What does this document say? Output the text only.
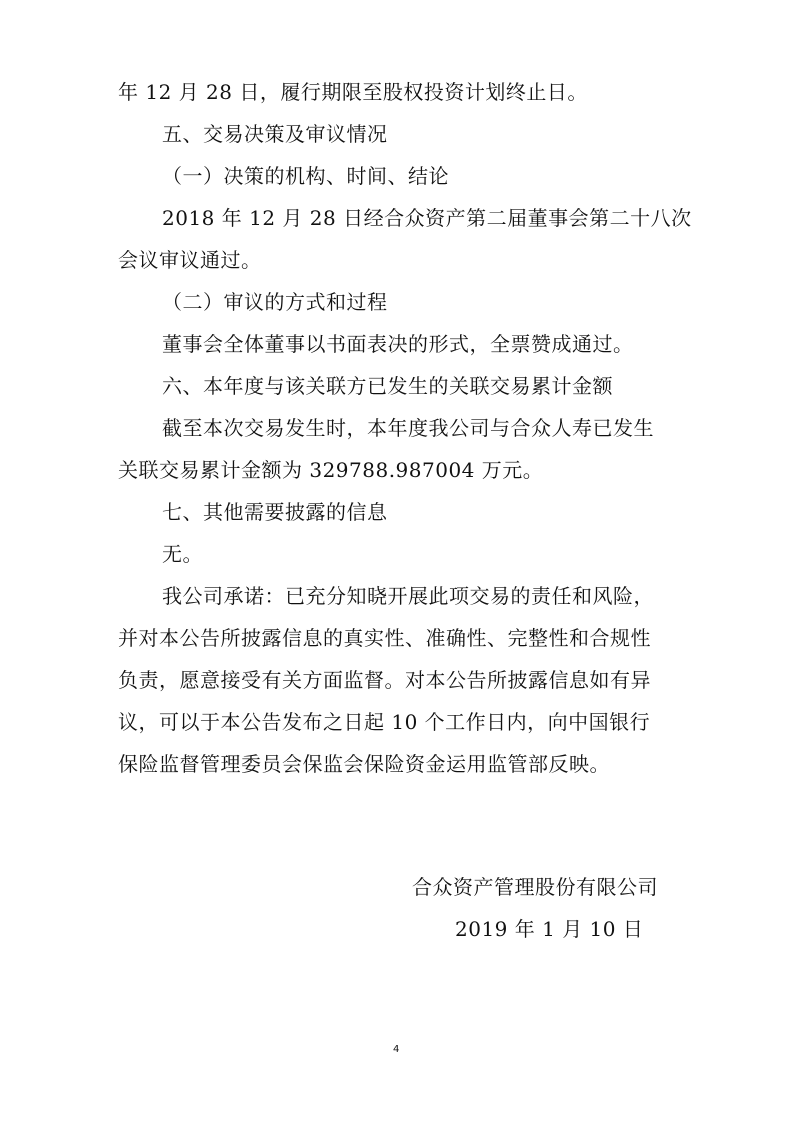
年 12 月 28 日，履行期限至股权投资计划终止日。
五、交易决策及审议情况
（一）决策的机构、时间、结论
2018 年 12 月 28 日经合众资产第二届董事会第二十八次
会议审议通过。
（二）审议的方式和过程
董事会全体董事以书面表决的形式，全票赞成通过。
六、本年度与该关联方已发生的关联交易累计金额
截至本次交易发生时，本年度我公司与合众人寿已发生
关联交易累计金额为 329788.987004 万元。
七、其他需要披露的信息
无。
我公司承诺：已充分知晓开展此项交易的责任和风险，
并对本公告所披露信息的真实性、准确性、完整性和合规性
负责，愿意接受有关方面监督。对本公告所披露信息如有异
议，可以于本公告发布之日起 10 个工作日内，向中国银行
保险监督管理委员会保监会保险资金运用监管部反映。
合众资产管理股份有限公司
2019 年 1 月 10 日
4
